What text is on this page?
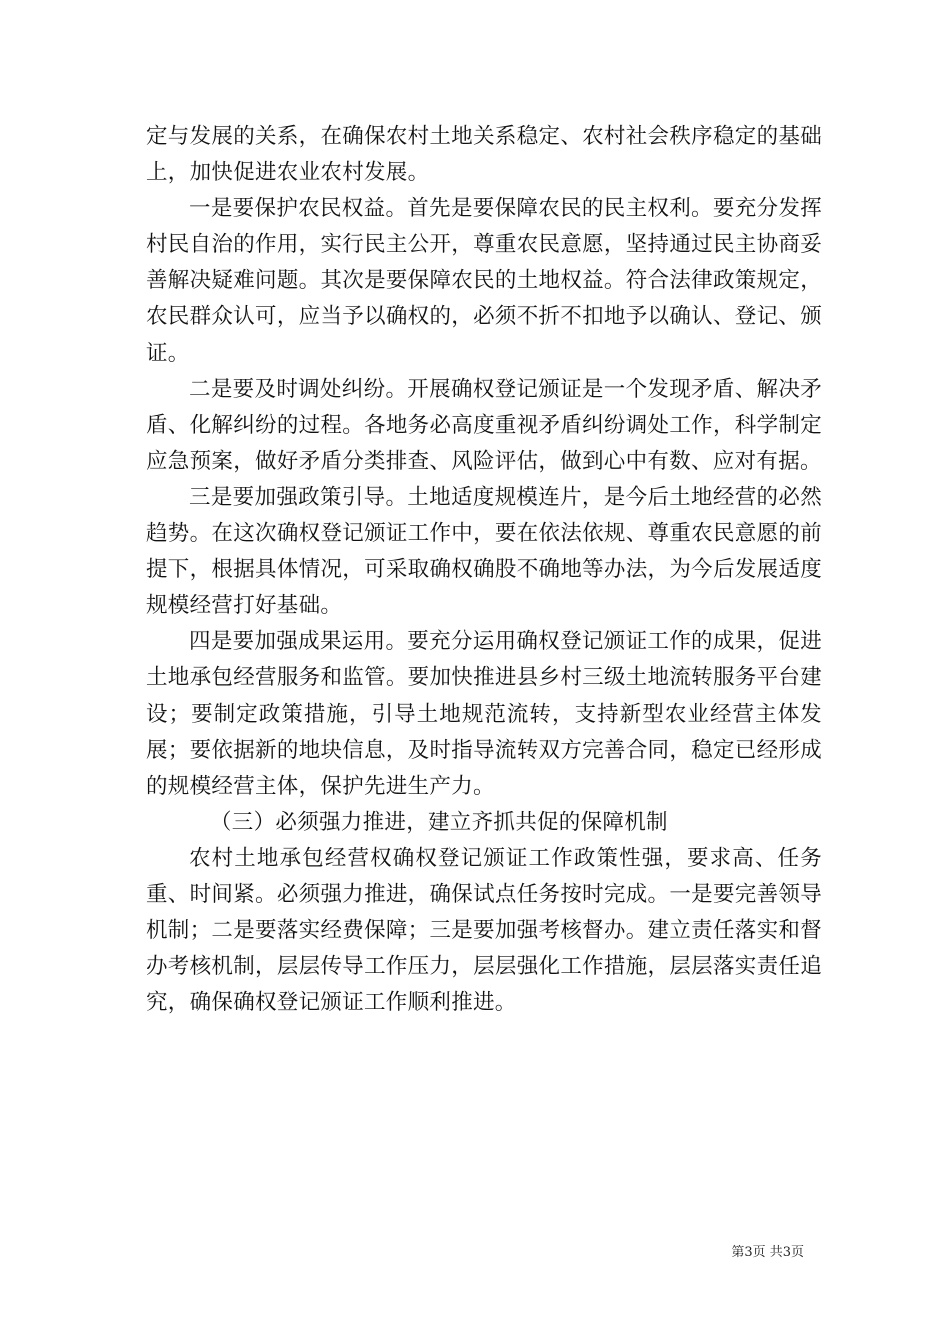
定与发展的关系，在确保农村土地关系稳定、农村社会秩序稳定的基础上，加快促进农业农村发展。

一是要保护农民权益。首先是要保障农民的民主权利。要充分发挥村民自治的作用，实行民主公开，尊重农民意愿，坚持通过民主协商妥善解决疑难问题。其次是要保障农民的土地权益。符合法律政策规定，农民群众认可，应当予以确权的，必须不折不扣地予以确认、登记、颁证。

二是要及时调处纠纷。开展确权登记颁证是一个发现矛盾、解决矛盾、化解纠纷的过程。各地务必高度重视矛盾纠纷调处工作，科学制定应急预案，做好矛盾分类排查、风险评估，做到心中有数、应对有据。

三是要加强政策引导。土地适度规模连片，是今后土地经营的必然趋势。在这次确权登记颁证工作中，要在依法依规、尊重农民意愿的前提下，根据具体情况，可采取确权确股不确地等办法，为今后发展适度规模经营打好基础。

四是要加强成果运用。要充分运用确权登记颁证工作的成果，促进土地承包经营服务和监管。要加快推进县乡村三级土地流转服务平台建设；要制定政策措施，引导土地规范流转，支持新型农业经营主体发展；要依据新的地块信息，及时指导流转双方完善合同，稳定已经形成的规模经营主体，保护先进生产力。

（三）必须强力推进，建立齐抓共促的保障机制

农村土地承包经营权确权登记颁证工作政策性强，要求高、任务重、时间紧。必须强力推进，确保试点任务按时完成。一是要完善领导机制；二是要落实经费保障；三是要加强考核督办。建立责任落实和督办考核机制，层层传导工作压力，层层强化工作措施，层层落实责任追究，确保确权登记颁证工作顺利推进。

第3页 共3页
